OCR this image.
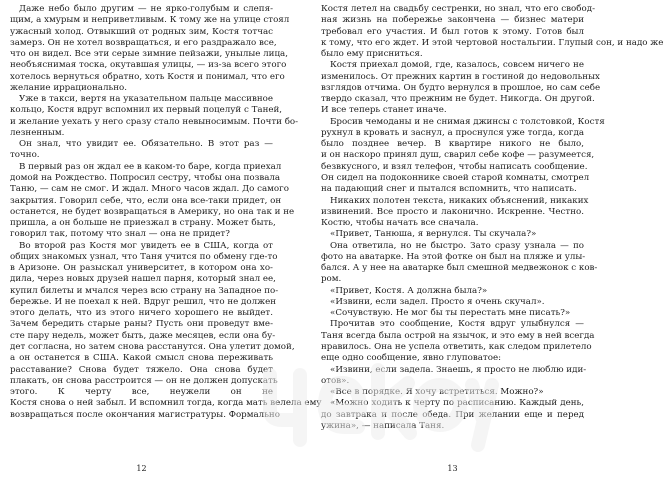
Даже небо было другим — не ярко-голубым и слепя-
щим, а хмурым и неприветливым. К тому же на улице стоял
ужасный холод. Отвыкший от родных зим, Костя тотчас
замерз. Он не хотел возвращаться, и его раздражало все,
что он видел. Все эти серые зимние пейзажи, унылые лица,
необъяснимая тоска, окутавшая улицы, — из-за всего этого
хотелось вернуться обратно, хоть Костя и понимал, что его
желание иррационально.
Уже в такси, вертя на указательном пальце массивное
кольцо, Костя вдруг вспомнил их первый поцелуй с Таней,
и желание уехать у него сразу стало невыносимым. Почти бо-
лезненным.
Он знал, что увидит ее. Обязательно. В этот раз —
точно.
В первый раз он ждал ее в каком-то баре, когда приехал
домой на Рождество. Попросил сестру, чтобы она позвала
Таню, — сам не смог. И ждал. Много часов ждал. До самого
закрытия. Говорил себе, что, если она все-таки придет, он
останется, не будет возвращаться в Америку, но она так и не
пришла, а он больше не приезжал в страну. Может быть,
говорил так, потому что знал — она не придет?
Во второй раз Костя мог увидеть ее в США, когда от
общих знакомых узнал, что Таня учится по обмену где-то
в Аризоне. Он разыскал университет, в котором она хо-
дила, через новых друзей нашел парня, который знал ее,
купил билеты и мчался через всю страну на Западное по-
бережье. И не поехал к ней. Вдруг решил, что не должен
этого делать, что из этого ничего хорошего не выйдет.
Зачем бередить старые раны? Пусть они проведут вме-
сте пару недель, может быть, даже месяцев, если она бу-
дет согласна, но затем снова расстанутся. Она улетит домой,
а он останется в США. Какой смысл снова переживать
расставание? Снова будет тяжело. Она снова будет
плакать, он снова расстроится — он не должен допускать
этого. К черту все, неужели он не
Костя снова о ней забыл. И вспомнил тогда, когда мать велела ему
возвращаться после окончания магистратуры. Формально
12
Костя летел на свадьбу сестренки, но знал, что его свобод-
ная жизнь на побережье закончена — бизнес матери
требовал его участия. И был готов к этому. Готов был
к тому, что его ждет. И этой чертовой ностальгии. Глупый сон, и надо же
было ему присниться.
Костя приехал домой, где, казалось, совсем ничего не
изменилось. От прежних картин в гостиной до недовольных
взглядов отчима. Он будто вернулся в прошлое, но сам себе
твердо сказал, что прежним не будет. Никогда. Он другой.
И все теперь станет иначе.
Бросив чемоданы и не снимая джинсы с толстовкой, Костя
рухнул в кровать и заснул, а проснулся уже тогда, когда
было позднее вечер. В квартире никого не было,
и он наскоро принял душ, сварил себе кофе — разумеется,
безвкусного, и взял телефон, чтобы написать сообщение.
Он сидел на подоконнике своей старой комнаты, смотрел
на падающий снег и пытался вспомнить, что написать.
Никаких полотен текста, никаких объяснений, никаких
извинений. Все просто и лаконично. Искренне. Честно.
Костю, чтобы начать все сначала.
«Привет, Танюша, я вернулся. Ты скучала?»
Она ответила, но не быстро. Зато сразу узнала — по
фото на аватарке. На этой фотке он был на пляже и улы-
бался. А у нее на аватарке был смешной медвежонок с ков-
ром.
«Привет, Костя. А должна была?»
«Извини, если задел. Просто я очень скучал».
«Сочувствую. Не мог бы ты перестать мне писать?»
Прочитав это сообщение, Костя вдруг улыбнулся —
Таня всегда была острой на язычок, и это ему в ней всегда
нравилось. Она не успела ответить, как следом прилетело
еще одно сообщение, явно глуповатое:
«Извини, если задела. Знаешь, я просто не люблю иди-
отов».
«Все в порядке. Я хочу встретиться. Можно?»
«Можно ходить к черту по расписанию. Каждый день,
до завтрака и после обеда. При желании еще и перед
ужина», — написала Таня.
13
